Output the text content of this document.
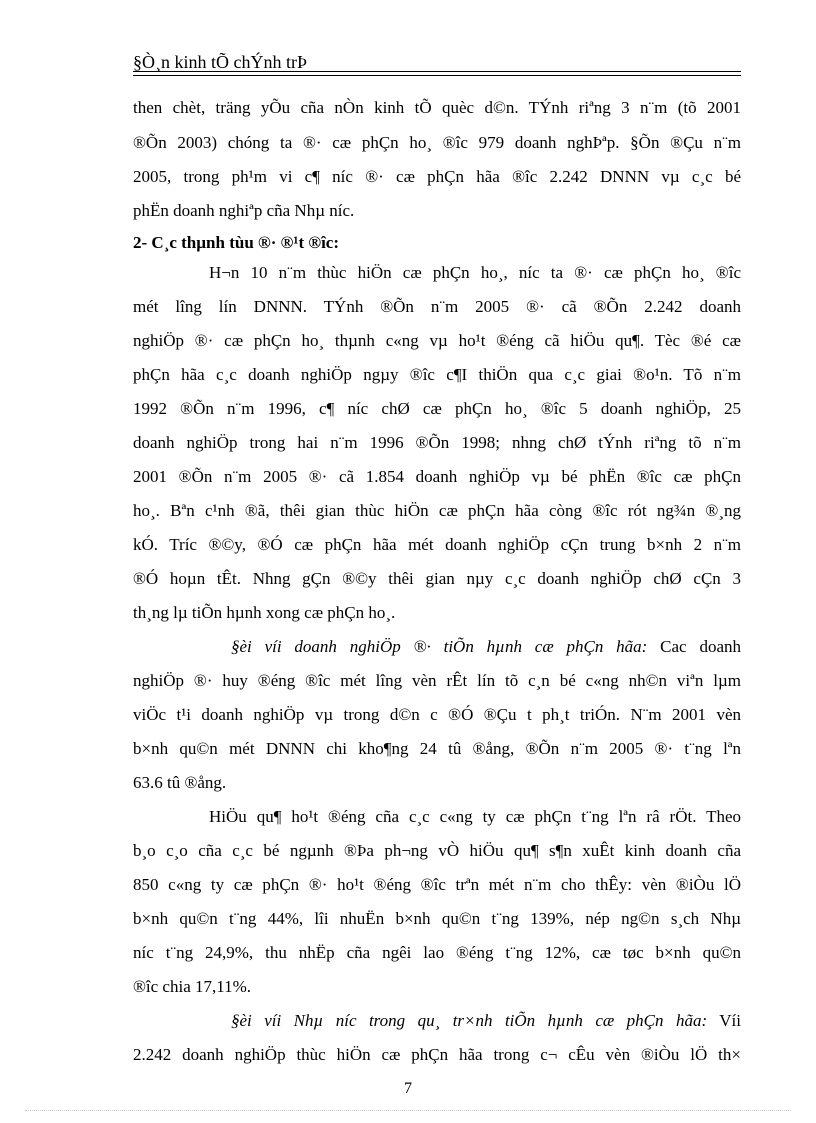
§Ò¸n kinh tÕ chÝnh trÞ
then chèt, träng yÕu cña nÒn kinh tÕ quèc d©n. TÝnh riªng 3 n¨m (tõ 2001
®Õn 2003) chóng ta ®· cæ phÇn ho¸ ®îc 979 doanh nghÞªp. §Õn ®Çu n¨m
2005, trong ph¹m vi c¶ níc ®· cæ phÇn hãa ®îc 2.242 DNNN vµ c¸c bé
phËn doanh nghiªp cña Nhµ níc.
2- C¸c thµnh tùu ®· ®¹t ®îc:
H¬n 10 n¨m thùc hiÖn cæ phÇn ho¸, níc ta ®· cæ phÇn ho¸ ®îc
mét lîng lín DNNN. TÝnh ®Õn n¨m 2005 ®· cã ®Õn 2.242 doanh
nghiÖp ®· cæ phÇn ho¸ thµnh c«ng vµ ho¹t ®éng cã hiÖu qu¶. Tèc ®é cæ
phÇn hãa c¸c doanh nghiÖp ngµy ®îc c¶I thiÖn qua c¸c giai ®o¹n. Tõ n¨m
1992 ®Õn n¨m 1996, c¶ níc chØ cæ phÇn ho¸ ®îc 5 doanh nghiÖp, 25
doanh nghiÖp trong hai n¨m 1996 ®Õn 1998; nhng chØ tÝnh riªng tõ n¨m
2001 ®Õn n¨m 2005 ®· cã 1.854 doanh nghiÖp vµ bé phËn ®îc cæ phÇn
ho¸. Bªn c¹nh ®ã, thêi gian thùc hiÖn cæ phÇn hãa còng ®îc rót ng¾n ®¸ng
kÓ. Tríc ®©y, ®Ó cæ phÇn hãa mét doanh nghiÖp cÇn trung b×nh 2 n¨m
®Ó hoµn tÊt. Nhng gÇn ®©y thêi gian nµy c¸c doanh nghiÖp chØ cÇn 3
th¸ng lµ tiÕn hµnh xong cæ phÇn ho¸.
§èi víi doanh nghiÖp ®· tiÕn hµnh cæ phÇn hãa: Cac doanh
nghiÖp ®· huy ®éng ®îc mét lîng vèn rÊt lín tõ c¸n bé c«ng nh©n viªn lµm
viÖc t¹i doanh nghiÖp vµ trong d©n c ®Ó ®Çu t ph¸t triÓn. N¨m 2001 vèn
b×nh qu©n mét DNNN chi kho¶ng 24 tû ®ång, ®Õn n¨m 2005 ®· t¨ng lªn
63.6 tû ®ång.
HiÖu qu¶ ho¹t ®éng cña c¸c c«ng ty cæ phÇn t¨ng lªn râ rÖt. Theo
b¸o c¸o cña c¸c bé ngµnh ®Þa ph¬ng vÒ hiÖu qu¶ s¶n xuÊt kinh doanh cña
850 c«ng ty cæ phÇn ®· ho¹t ®éng ®îc trªn mét n¨m cho thÊy: vèn ®iÒu lÖ
b×nh qu©n t¨ng 44%, lîi nhuËn b×nh qu©n t¨ng 139%, nép ng©n s¸ch Nhµ
níc t¨ng 24,9%, thu nhËp cña ngêi lao ®éng t¨ng 12%, cæ tøc b×nh qu©n
®îc chia 17,11%.
§èi víi Nhµ níc trong qu¸ tr×nh tiÕn hµnh cæ phÇn hãa: Víi
2.242 doanh nghiÖp thùc hiÖn cæ phÇn hãa trong c¬ cÊu vèn ®iÒu lÖ th×
7
